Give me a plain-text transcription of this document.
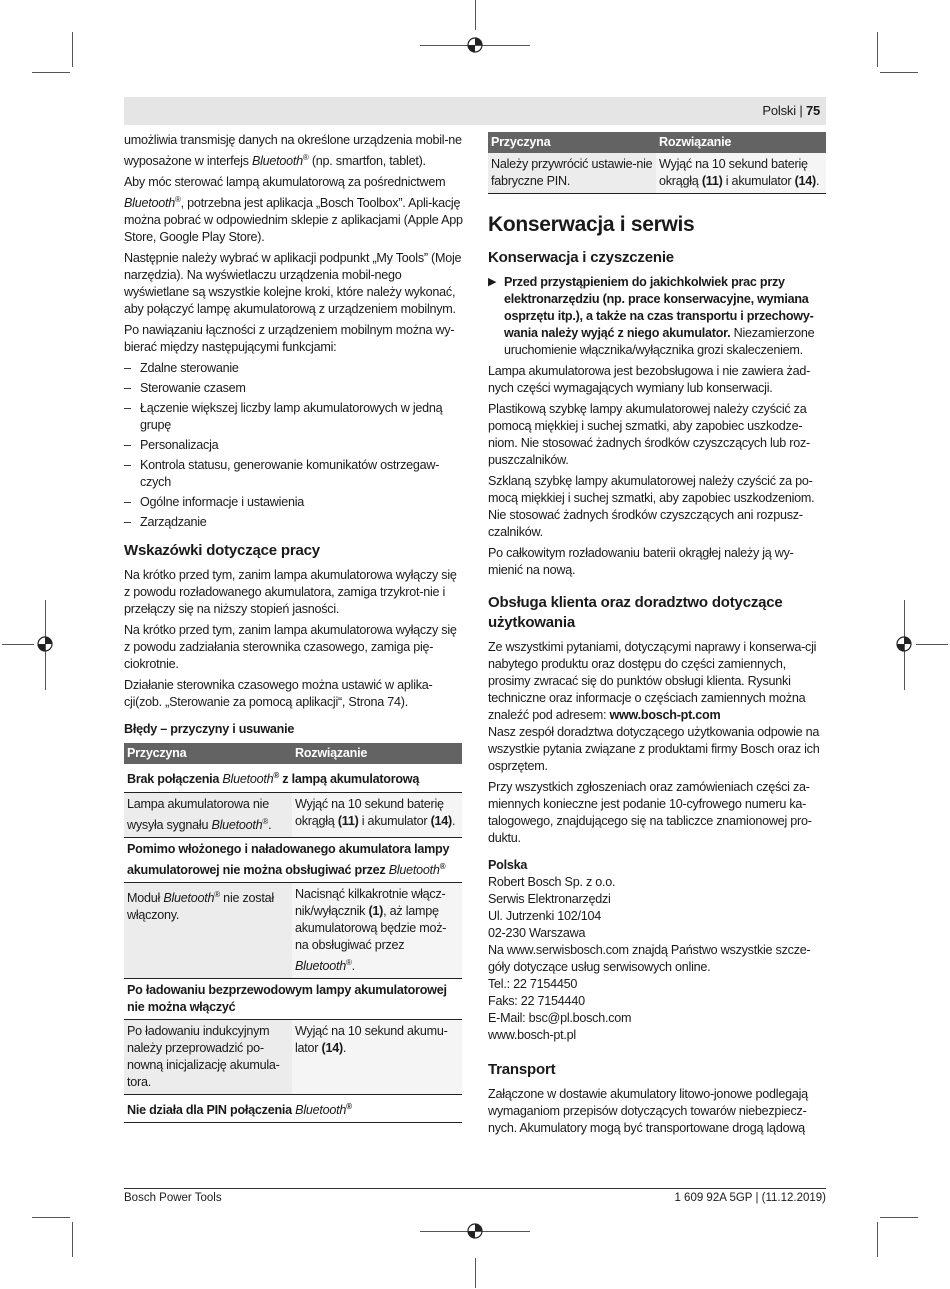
Polski | 75

umożliwia transmisję danych na określone urządzenia mobil-ne wyposażone w interfejs Bluetooth® (np. smartfon, tablet).

Aby móc sterować lampą akumulatorową za pośrednictwem Bluetooth®, potrzebna jest aplikacja „Bosch Toolbox”. Apli-kację można pobrać w odpowiednim sklepie z aplikacjami (Apple App Store, Google Play Store).

Następnie należy wybrać w aplikacji podpunkt „My Tools” (Moje narzędzia). Na wyświetlaczu urządzenia mobil-nego wyświetlane są wszystkie kolejne kroki, które należy wykonać, aby połączyć lampę akumulatorową z urządzeniem mobilnym.

Po nawiązaniu łączności z urządzeniem mobilnym można wy-bierać między następującymi funkcjami:

– Zdalne sterowanie
– Sterowanie czasem
– Łączenie większej liczby lamp akumulatorowych w jedną grupę
– Personalizacja
– Kontrola statusu, generowanie komunikatów ostrzegaw-czych
– Ogólne informacje i ustawienia
– Zarządzanie
Wskazówki dotyczące pracy

Na krótko przed tym, zanim lampa akumulatorowa wyłączy się z powodu rozładowanego akumulatora, zamiga trzykrot-nie i przełączy się na niższy stopień jasności.

Na krótko przed tym, zanim lampa akumulatorowa wyłączy się z powodu zadziałania sterownika czasowego, zamiga pię-ciokrotnie.

Działanie sterownika czasowego można ustawić w aplika-cji(zob. „Sterowanie za pomocą aplikacji“, Strona 74).

Błędy – przyczyny i usuwanie
Przyczyna	Rozwiązanie
Brak połączenia Bluetooth® z lampą akumulatorową	
Lampa akumulatorowa nie wysyła sygnału Bluetooth®.	Wyjąć na 10 sekund baterię okrągłą (11) i akumulator (14).
Pomimo włożonego i naładowanego akumulatora lampy akumulatorowej nie można obsługiwać przez Bluetooth®
Moduł Bluetooth® nie został włączony.	Nacisnąć kilkakrotnie włącz-nik/wyłącznik (1), aż lampę akumulatorową będzie moż-na obsługiwać przez Bluetooth®.
Po ładowaniu bezprzewodowym lampy akumulatorowej nie można włączyć	
Po ładowaniu indukcyjnym należy przeprowadzić po-nowną inicjalizację akumula-tora.	Wyjąć na 10 sekund akumu-lator (14).
Nie działa dla PIN połączenia Bluetooth®
Przyczyna	Rozwiązanie
Należy przywrócić ustawie-nie fabryczne PIN.	Wyjąć na 10 sekund baterię okrągłą (11) i akumulator (14).
Konserwacja i serwis
Konserwacja i czyszczenie
▶ Przed przystąpieniem do jakichkolwiek prac przy elektronarzędziu (np. prace konserwacyjne, wymiana osprzętu itp.), a także na czas transportu i przechowy-wania należy wyjąć z niego akumulator. Niezamierzone uruchomienie włącznika/wyłącznika grozi skaleczeniem.

Lampa akumulatorowa jest bezobsługowa i nie zawiera żad-nych części wymagających wymiany lub konserwacji.

Plastikową szybkę lampy akumulatorowej należy czyścić za pomocą miękkiej i suchej szmatki, aby zapobiec uszkodze-niom. Nie stosować żadnych środków czyszczących lub roz-puszczalników.

Szklaną szybkę lampy akumulatorowej należy czyścić za po-mocą miękkiej i suchej szmatki, aby zapobiec uszkodzeniom. Nie stosować żadnych środków czyszczących ani rozpusz-czalników.

Po całkowitym rozładowaniu baterii okrągłej należy ją wy-mienić na nową.

Obsługa klienta oraz doradztwo dotyczące użytkowania

Ze wszystkimi pytaniami, dotyczącymi naprawy i konserwa-cji nabytego produktu oraz dostępu do części zamiennych, prosimy zwracać się do punktów obsługi klienta. Rysunki techniczne oraz informacje o częściach zamiennych można znaleźć pod adresem: www.bosch-pt.com

Nasz zespół doradztwa dotyczącego użytkowania odpowie na wszystkie pytania związane z produktami firmy Bosch oraz ich osprzętem.

Przy wszystkich zgłoszeniach oraz zamówieniach części za-miennych konieczne jest podanie 10-cyfrowego numeru ka-talogowego, znajdującego się na tabliczce znamionowej pro-duktu.

Polska
Robert Bosch Sp. z o.o.
Serwis Elektronarzędzi
Ul. Jutrzenki 102/104
02-230 Warszawa
Na www.serwisbosch.com znajdą Państwo wszystkie szcze-góły dotyczące usług serwisowych online.
Tel.: 22 7154450
Faks: 22 7154440
E-Mail: bsc@pl.bosch.com
www.bosch-pt.pl
Transport

Załączone w dostawie akumulatory litowo-jonowe podlegają wymaganiom przepisów dotyczących towarów niebezpiecz-nych. Akumulatory mogą być transportowane drogą lądową

Bosch Power Tools	1 609 92A 5GP | (11.12.2019)
